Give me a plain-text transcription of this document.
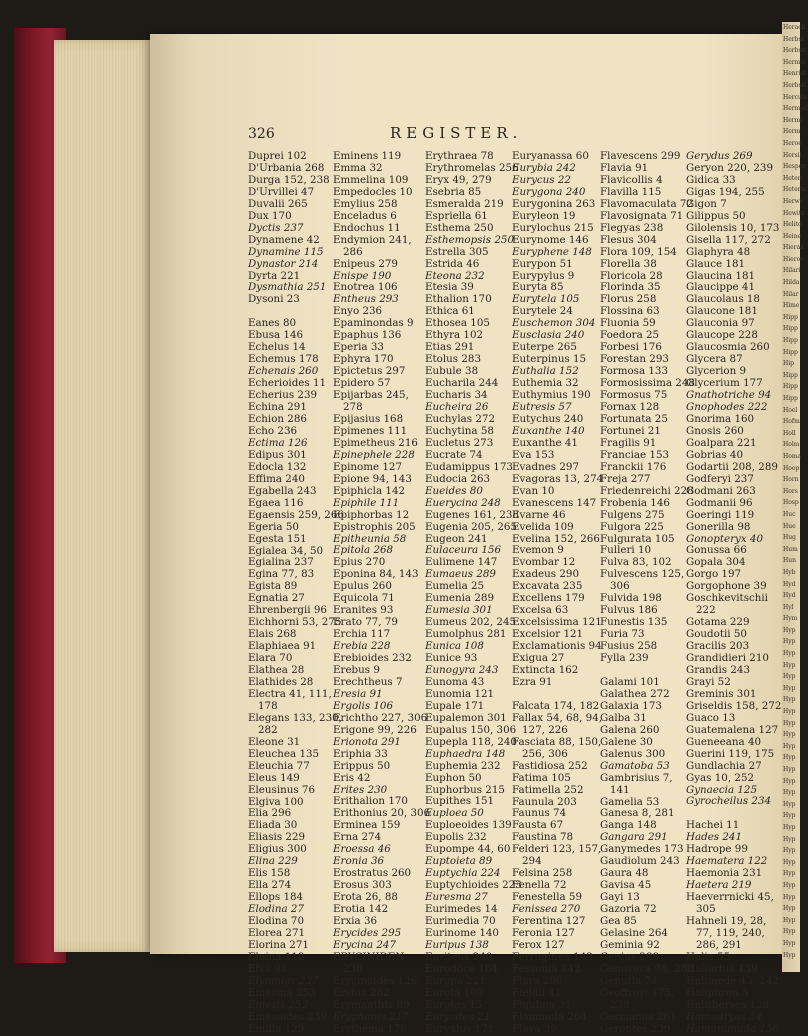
Heracli
Herbst
Herbsti
Hermis
Henrici
Herbsti
Hercula
Hermod
Hermi
Herm
Heroe
Hersil
Hesper
Heteri
Heteroc
Herwo
Hewits
Helito
Heine
Hierax
Hieros
Hilari
Hilda
Hilar
Hime
Hipp
Hipp
Hipp
Hipp
Hip
Hipp
Hipp
Hipp
Hoel
Hofm
Holl
Holm
Homa
Hoop
Horn
Hors
Hosp
Huc
Hue
Hug
Hum
Hun
Hyb
Hyd
Hyd
Hyl
Hym
Hyp
Hyp
Hyp
Hyp
Hyp
Hyp
Hyp
Hyp
Hyp
Hyp
Hyp
Hyp
Hyp
Hyp
Hyp
Hyp
Hyp
Hyp
Hyp
Hyp
Hyp
Hyp
Hyp
Hyp
Hyp
Hyp
Hyp
Hyp
Hyp
326	REGISTER.
Duprei 102
D'Urbania 268
Durga 152, 238
D'Urvillei 47
Duvalii 265
Dux 170
Dyctis 237
Dynamene 42
Dynamine 115
Dynastor 214
Dyrta 221
Dysmathia 251
Dysoni 23
Eanes 80
Ebusa 146
Echelus 14
Echemus 178
Echenais 260
Echerioides 11
Echerius 239
Echina 291
Echion 286
Echo 236
Ectima 126
Edipus 301
Edocla 132
Effima 240
Egabella 243
Egaea 116
Egaensis 259, 266
Egeria 50
Egesta 151
Egialea 34, 50
Egialina 237
Egina 77, 83
Egista 89
Egnatia 27
Ehrenbergii 96
Eichhorni 53, 275
Elais 268
Elaphiaea 91
Elara 70
Elathea 28
Elathides 28
Electra 41, 111,
178
Elegans 133, 230,
282
Eleone 31
Eleuchea 135
Eleuchia 77
Eleus 149
Eleusinus 76
Elgiva 100
Elia 296
Eliada 30
Eliasis 229
Eligius 300
Elina 229
Elis 158
Ella 274
Ellops 184
Elodina 27
Elodina 70
Elorea 271
Elorina 271
Eluina 118
Elva 94
Elymnias 237
Emesina 253
Emesis 252
Emesoides 239
Emilia 129
Eminens 119
Emma 32
Emmelina 109
Empedocles 10
Emylius 258
Enceladus 6
Endochus 11
Endymion 241,
286
Enipeus 279
Enispe 190
Enotrea 106
Entheus 293
Enyo 236
Epaminondas 9
Epaphus 136
Eperia 33
Ephyra 170
Epictetus 297
Epidero 57
Epijarbas 245,
278
Epijasius 168
Epimenes 111
Epimetheus 216
Epinephele 228
Epinome 127
Epione 94, 143
Epiphicla 142
Epiphile 111
Epiphorbas 12
Epistrophis 205
Epitheunia 58
Epitola 268
Epius 270
Eponina 84, 143
Epulus 260
Equicola 71
Eranites 93
Erato 77, 79
Erchia 117
Erebia 228
Erebioides 232
Erebus 9
Erechtheus 7
Eresia 91
Ergolis 106
Erichtho 227, 306
Erigone 99, 226
Erionota 291
Eriphia 33
Erippus 50
Eris 42
Erites 230
Erithalion 170
Erithonius 20, 306
Erminea 159
Erna 274
Eroessa 46
Eronia 36
Erostratus 260
Erosus 303
Erota 26, 88
Erotia 142
Erxia 36
Erycides 295
Erycina 247
ERYCINIDEN
238
Erycinoides 126
Erylus 282
Erymanthis 89
Eryphanis 217
Erythema 178
Erythraea 78
Erythromelas 256
Eryx 49, 279
Esebria 85
Esmeralda 219
Espriella 61
Esthema 250
Esthemopsis 250
Estrella 305
Estrida 46
Eteona 232
Etesia 39
Ethalion 170
Ethica 61
Ethosea 105
Ethyra 102
Etias 291
Etolus 283
Eubule 38
Eucharila 244
Eucharis 34
Eucheira 26
Euchylas 272
Euchytina 58
Eucletus 273
Eucrate 74
Eudamippus 173
Eudocia 263
Eueides 80
Euerycina 248
Eugenes 161, 238
Eugenia 205, 265
Eugeon 241
Eulaceura 156
Eulimene 147
Eumaeus 289
Eumelia 25
Eumenia 289
Eumesia 301
Eumeus 202, 245
Eumolphus 281
Eunica 108
Eunice 93
Eunogyra 243
Eunoma 43
Eunomia 121
Eupale 171
Eupalemon 301
Eupalus 150, 306
Eupepla 118, 240
Euphaedra 148
Euphemia 232
Euphon 50
Euphorbus 215
Eupithes 151
Euploea 50
Euploeoides 139
Eupolis 232
Eupompe 44, 60
Euptoieta 89
Euptychia 224
Euptychioides 223
Euresma 27
Eurimedes 14
Eurimedia 70
Eurinome 140
Euripus 138
Euriteus 240
Eurodoce 104
Europa 221
Eurota 109
Eurotas 15
Euryades 21
Euryalus 171
Euryanassa 60
Eurybia 242
Eurycus 22
Eurygona 240
Eurygonina 263
Euryleon 19
Eurylochus 215
Eurynome 146
Euryphene 148
Eurypon 51
Eurypylus 9
Euryta 85
Eurytela 105
Eurytele 24
Euschemon 304
Eusclasia 240
Euterpe 265
Euterpinus 15
Euthalia 152
Euthemia 32
Euthymius 190
Eutresis 57
Eutychus 240
Euxanthe 140
Euxanthe 41
Eva 153
Evadnes 297
Evagoras 13, 274
Evan 10
Evanescens 147
Evarne 46
Evelida 109
Evelina 152, 266
Evemon 9
Evombar 12
Exadeus 290
Excavata 235
Excellens 179
Excelsa 63
Excelsissima 121
Excelsior 121
Exclamationis 94
Exigua 27
Extincta 162
Ezra 91
Falcata 174, 182
Fallax 54, 68, 94,
127, 226
Fasciata 88, 150,
256, 306
Fastidiosa 252
Fatima 105
Fatimella 252
Faunula 203
Faunus 74
Fausta 67
Faustina 78
Felderi 123, 157,
294
Felsina 258
Fenella 72
Fenestella 59
Fenissea 270
Ferentina 127
Feronia 127
Ferox 127
Ferruginea 143
Fessonia 142
Fiara 296
Fieldii 41
Figulina 31
Flammula 264
Flava 39
Flavescens 299
Flavia 91
Flavicollis 4
Flavilla 115
Flavomaculata 72
Flavosignata 71
Flegyas 238
Flesus 304
Flora 109, 154
Florella 38
Floricola 28
Florinda 35
Florus 258
Flossina 63
Fluonia 59
Foedora 25
Forbesi 176
Forestan 293
Formosa 133
Formosissima 248
Formosus 75
Fornax 128
Fortunata 25
Fortunei 21
Fragilis 91
Franciae 153
Franckii 176
Freja 277
Friedenreichi 228
Frobenia 146
Fulgens 275
Fulgora 225
Fulgurata 105
Fulleri 10
Fulva 83, 102
Fulvescens 125,
306
Fulvida 198
Fulvus 186
Funestis 135
Furia 73
Fusius 258
Fylla 239
Galami 101
Galathea 272
Galaxia 173
Galba 31
Galena 260
Galene 30
Galenus 300
Gamatoba 53
Gambrisius 7,
141
Gamelia 53
Ganesa 8, 281
Ganga 148
Gangara 291
Ganymedes 173
Gaudiolum 243
Gaura 48
Gavisa 45
Gayi 13
Gazoria 72
Gea 85
Gelasine 264
Geminia 92
Genius 288
Genoveva 98, 282
Genutia 74
Geoffroyi 175,
238
Germanus 261
Gerontes 239
Gerydus 269
Geryon 220, 239
Gidica 33
Gigas 194, 255
Gigon 7
Gilippus 50
Gilolensis 10, 173
Gisella 117, 272
Glaphyra 48
Glauce 181
Glaucina 181
Glaucippe 41
Glaucolaus 18
Glaucone 181
Glauconia 97
Glaucope 228
Glaucosmia 260
Glycera 87
Glycerion 9
Glycerium 177
Gnathotriche 94
Gnophodes 222
Gnorima 160
Gnosis 260
Goalpara 221
Gobrias 40
Godartii 208, 289
Godferyi 237
Godmani 263
Godmanii 96
Goeringi 119
Gonerilla 98
Gonopteryx 40
Gonussa 66
Gopala 304
Gorgo 197
Gorgophone 39
Goschkevitschii
222
Gotama 229
Goudotii 50
Gracilis 203
Grandidieri 210
Grandis 243
Grayi 52
Greminis 301
Griseldis 158, 272
Guaco 13
Guatemalena 127
Gueneeana 40
Guerini 119, 175
Gundlachia 27
Gyas 10, 252
Gynaecia 125
Gyrocheilus 234
Hachei 11
Hades 241
Hadrope 99
Haematera 122
Haemonia 231
Haetera 219
Haeverrnicki 45,
305
Hahneli 19, 28,
77, 119, 240,
286, 291
Halia 55
Haliartus 139
Halimede 43, 242
Haliphron 5
Halitherses 138
Hamadryas 54
Hamanumida 150
